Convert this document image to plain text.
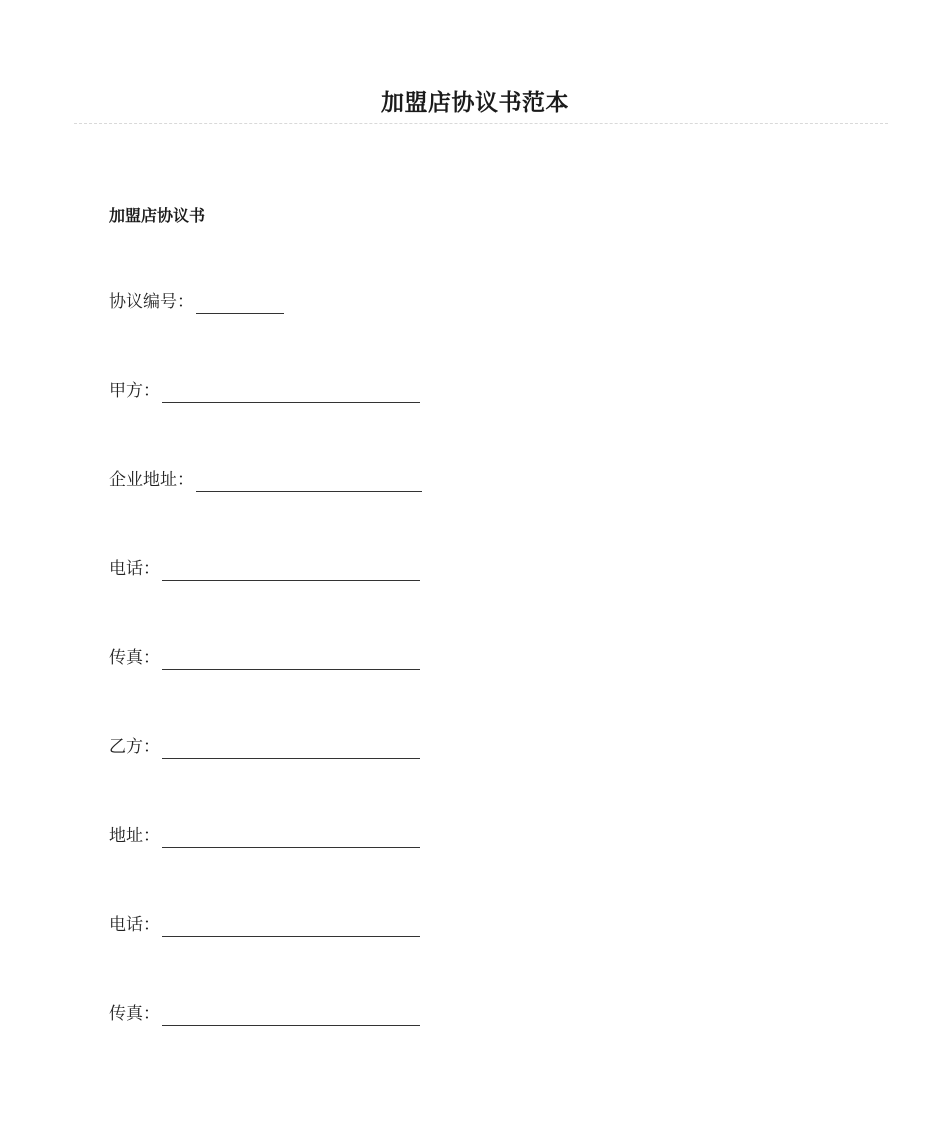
加盟店协议书范本
加盟店协议书
协议编号：
甲方：
企业地址：
电话：
传真：
乙方：
地址：
电话：
传真：
